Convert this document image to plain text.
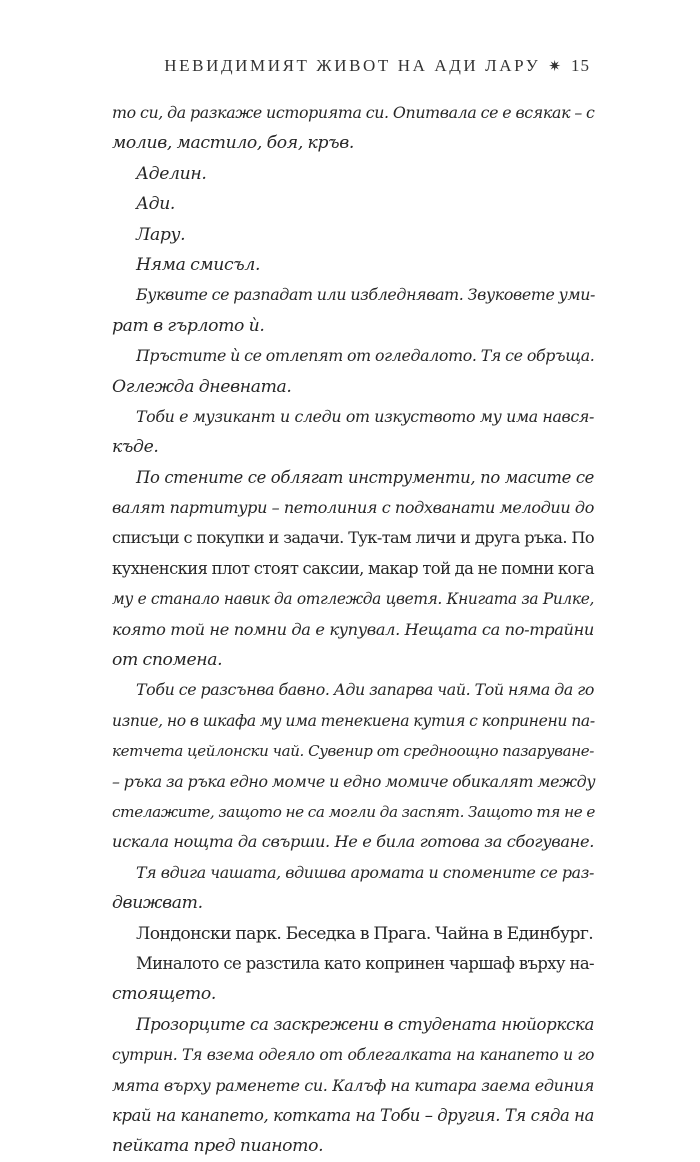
НЕВИДИМИЯТ ЖИВОТ НА АДИ ЛАРУ ✷ 15
то си, да разкаже историята си. Опитвала се е всякак – с
молив, мастило, боя, кръв.
Аделин.
Ади.
Лару.
Няма смисъл.
Буквите се разпадат или избледняват. Звуковете уми-
рат в гърлото ѝ.
Пръстите ѝ се отлепят от огледалото. Тя се обръща.
Оглежда дневната.
Тоби е музикант и следи от изкуството му има нався-
къде.
По стените се облягат инструменти, по масите се
валят партитури – петолиния с подхванати мелодии до
списъци с покупки и задачи. Тук-там личи и друга ръка. По
кухненския плот стоят саксии, макар той да не помни кога
му е станало навик да отглежда цветя. Книгата за Рилке,
която той не помни да е купувал. Нещата са по-трайни
от спомена.
Тоби се разсънва бавно. Ади запарва чай. Той няма да го
изпие, но в шкафа му има тенекиена кутия с копринени па-
кетчета цейлонски чай. Сувенир от средноощно пазаруване-
– ръка за ръка едно момче и едно момиче обикалят между
стелажите, защото не са могли да заспят. Защото тя не е
искала нощта да свърши. Не е била готова за сбогуване.
Тя вдига чашата, вдишва аромата и спомените се раз-
движват.
Лондонски парк. Беседка в Прага. Чайна в Единбург.
Миналото се разстила като копринен чаршаф върху на-
стоящето.
Прозорците са заскрежени в студената нюйоркска
сутрин. Тя взема одеяло от облегалката на канапето и го
мята върху раменете си. Калъф на китара заема единия
край на канапето, котката на Тоби – другия. Тя сяда на
пейката пред пианото.
